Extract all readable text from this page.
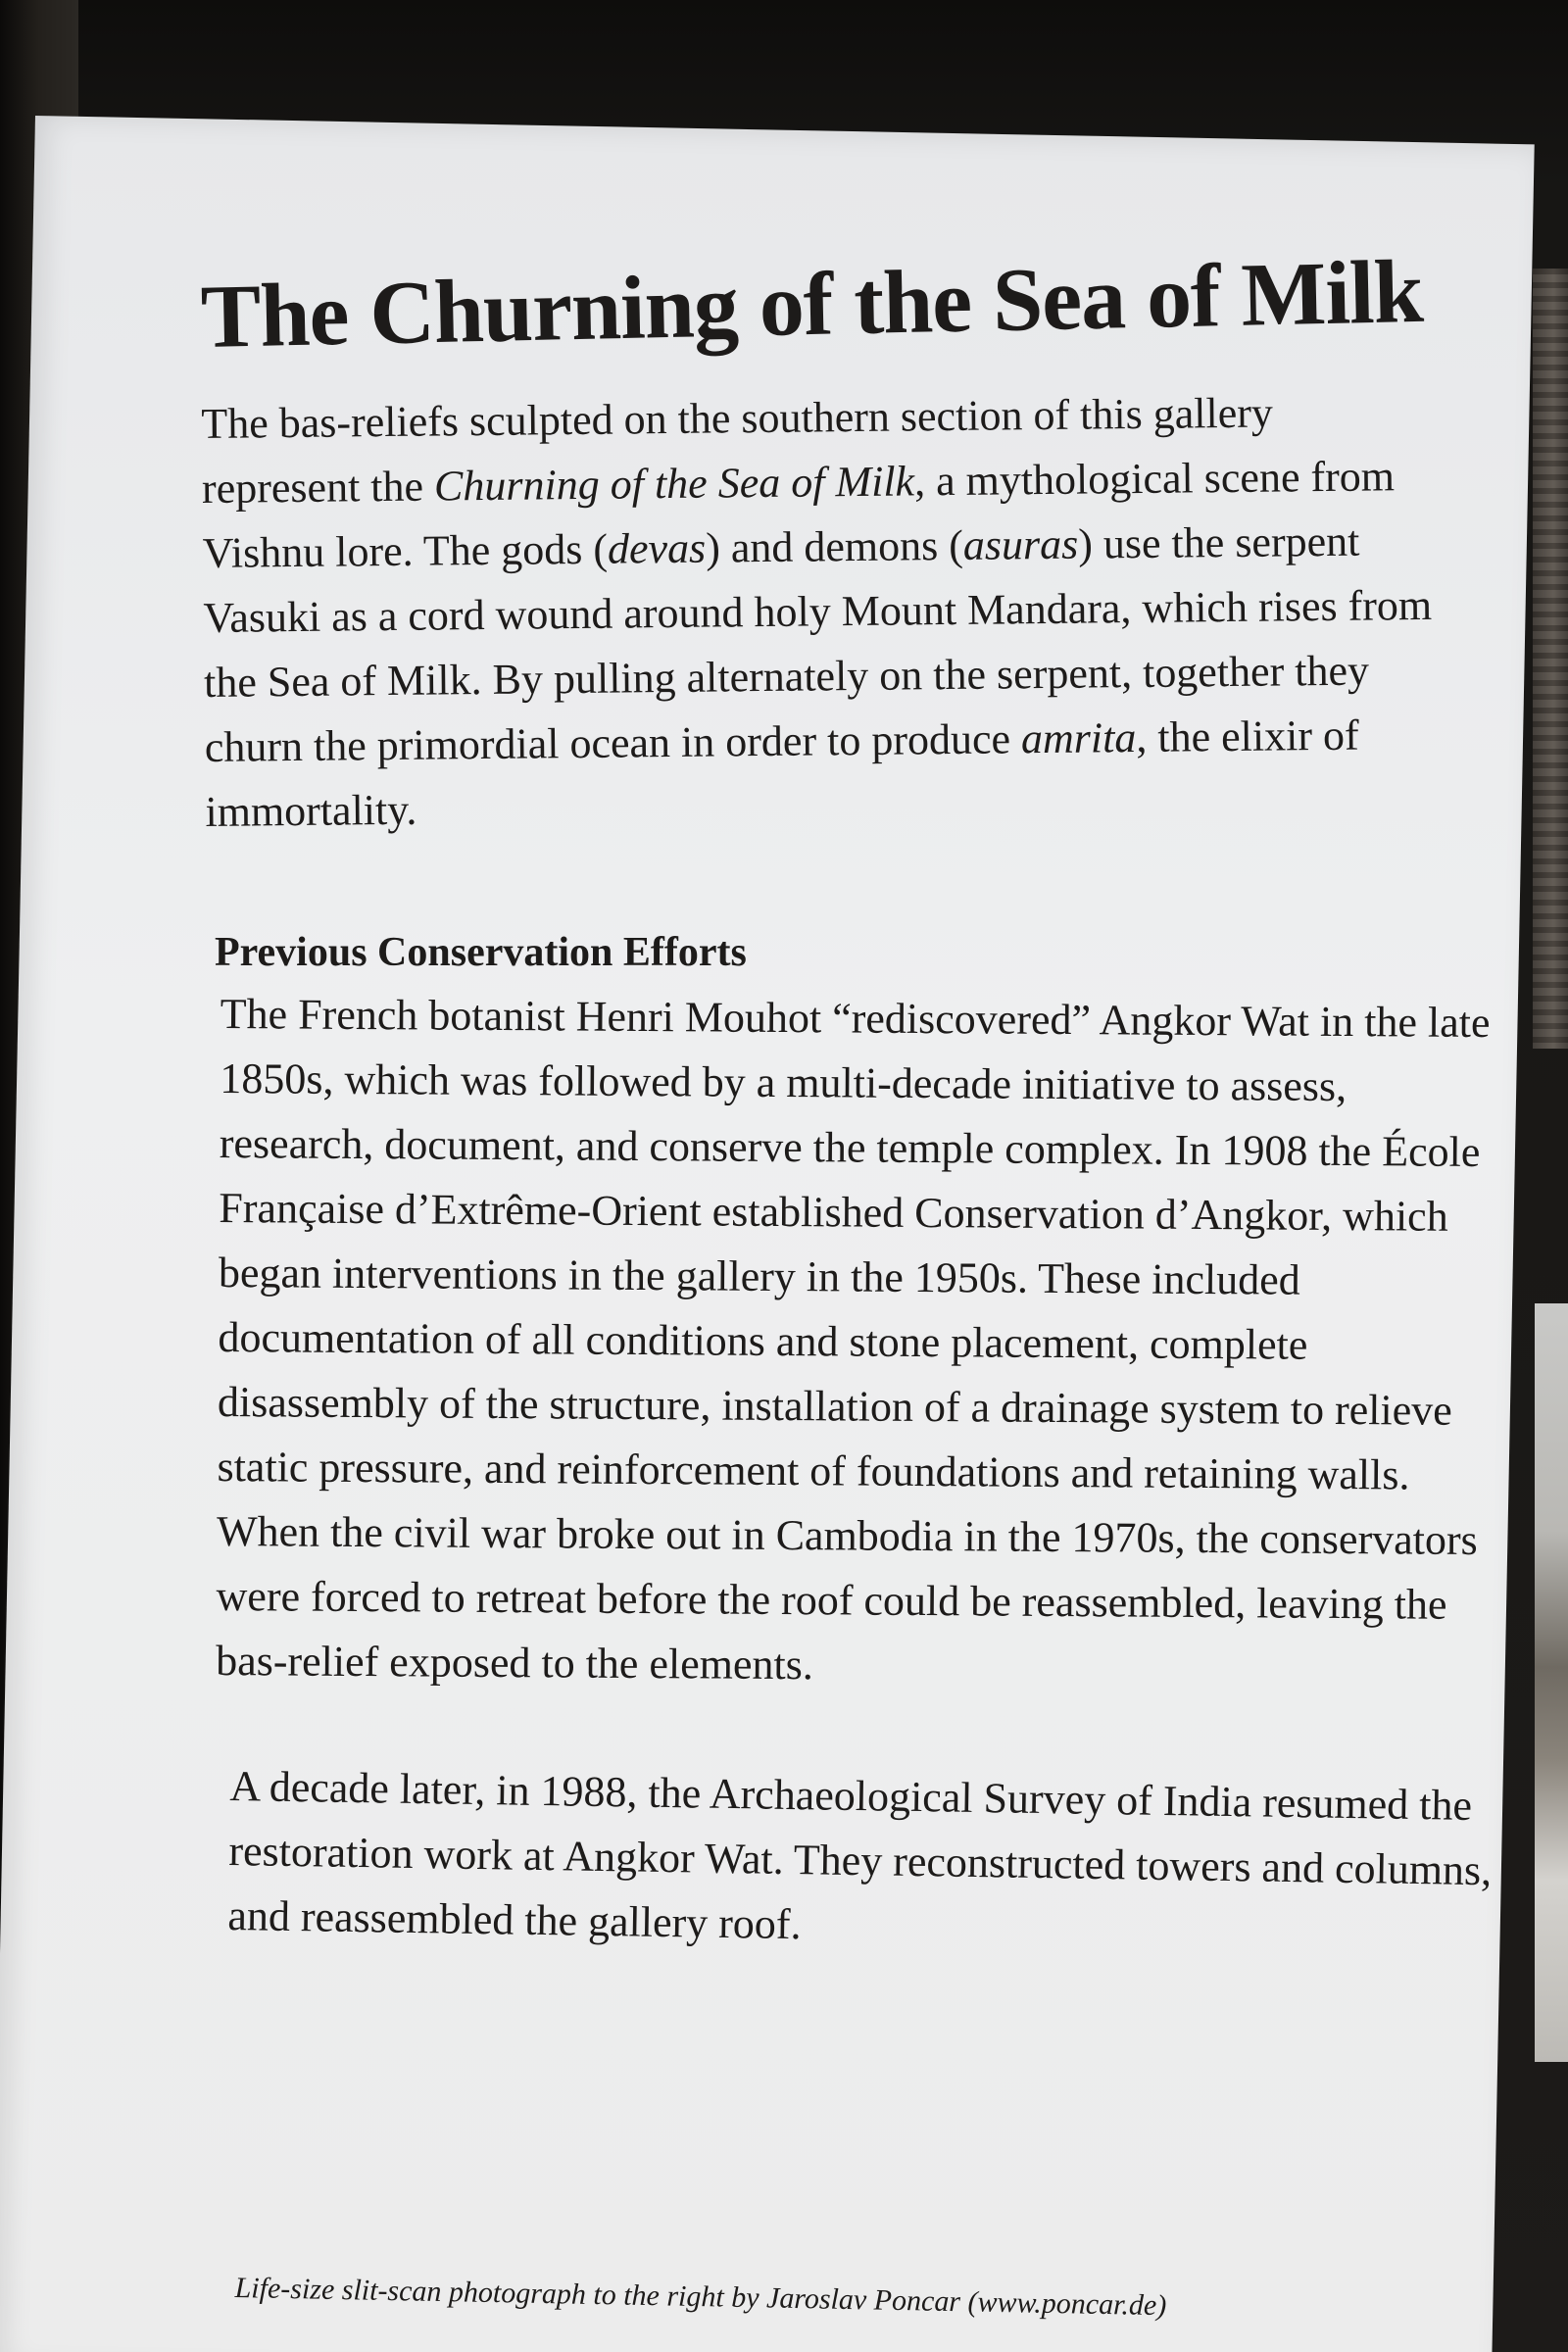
The Churning of the Sea of Milk

The bas-reliefs sculpted on the southern section of this gallery represent the Churning of the Sea of Milk, a mythological scene from Vishnu lore. The gods (devas) and demons (asuras) use the serpent Vasuki as a cord wound around holy Mount Mandara, which rises from the Sea of Milk. By pulling alternately on the serpent, together they churn the primordial ocean in order to produce amrita, the elixir of immortality.

Previous Conservation Efforts

The French botanist Henri Mouhot “rediscovered” Angkor Wat in the late 1850s, which was followed by a multi-decade initiative to assess, research, document, and conserve the temple complex. In 1908 the École Française d’Extrême-Orient established Conservation d’Angkor, which began interventions in the gallery in the 1950s. These included documentation of all conditions and stone placement, complete disassembly of the structure, installation of a drainage system to relieve static pressure, and reinforcement of foundations and retaining walls. When the civil war broke out in Cambodia in the 1970s, the conservators were forced to retreat before the roof could be reassembled, leaving the bas-relief exposed to the elements.

A decade later, in 1988, the Archaeological Survey of India resumed the restoration work at Angkor Wat. They reconstructed towers and columns, and reassembled the gallery roof.

Life-size slit-scan photograph to the right by Jaroslav Poncar (www.poncar.de)
